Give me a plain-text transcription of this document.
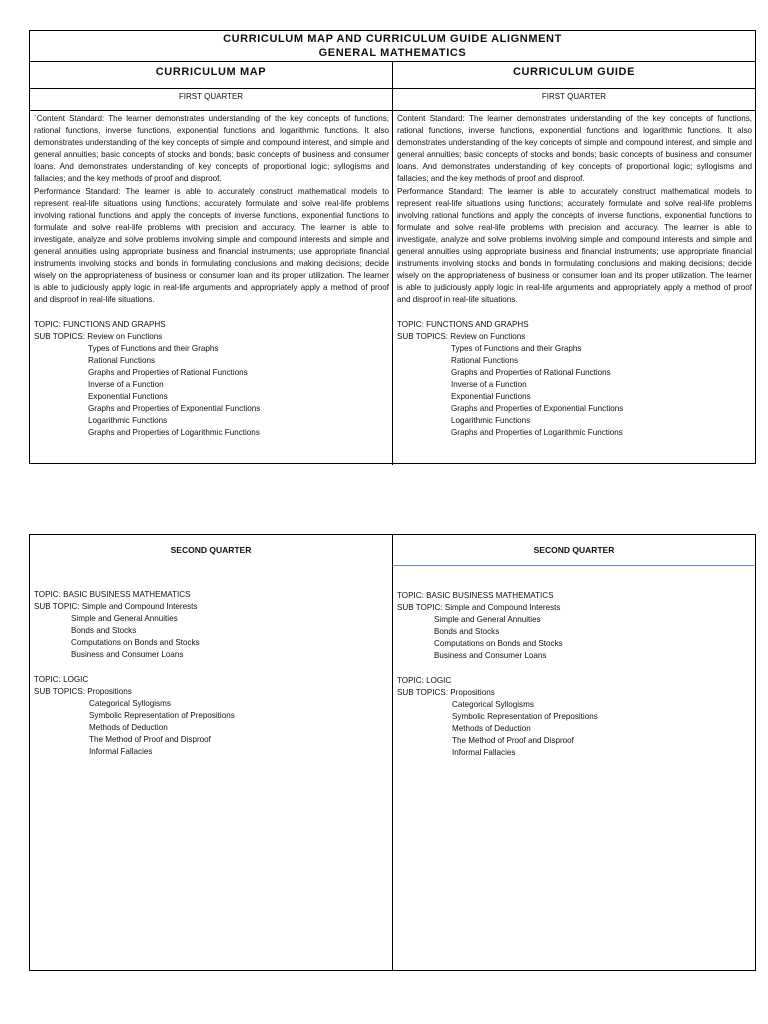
CURRICULUM MAP AND CURRICULUM GUIDE ALIGNMENT
GENERAL MATHEMATICS
CURRICULUM MAP	CURRICULUM GUIDE
FIRST QUARTER	FIRST QUARTER

`Content Standard: The learner demonstrates understanding of the key concepts of functions, rational functions, inverse functions, exponential functions and logarithmic functions. It also demonstrates understanding of the key concepts of simple and compound interest, and simple and general annuities; basic concepts of stocks and bonds; basic concepts of business and consumer loans. And demonstrates understanding of key concepts of proportional logic; syllogisms and fallacies; and the key methods of proof and disproof.

Performance Standard: The learner is able to accurately construct mathematical models to represent real-life situations using functions; accurately formulate and solve real-life problems involving rational functions and apply the concepts of inverse functions, exponential functions to formulate and solve real-life problems with precision and accuracy. The learner is able to investigate, analyze and solve problems involving simple and compound interests and simple and general annuities using appropriate business and financial instruments; use appropriate financial instruments involving stocks and bonds in formulating conclusions and making decisions; decide wisely on the appropriateness of business or consumer loan and its proper utilization. The learner is able to judiciously apply logic in real-life arguments and appropriately apply a method of proof and disproof in real-life situations.

TOPIC: FUNCTIONS AND GRAPHS
SUB TOPICS: Review on Functions
Types of Functions and their Graphs
Rational Functions
Graphs and Properties of Rational Functions
Inverse of a Function
Exponential Functions
Graphs and Properties of Exponential Functions
Logarithmic Functions
Graphs and Properties of Logarithmic Functions

Content Standard: The learner demonstrates understanding of the key concepts of functions, rational functions, inverse functions, exponential functions and logarithmic functions. It also demonstrates understanding of the key concepts of simple and compound interest, and simple and general annuities; basic concepts of stocks and bonds; basic concepts of business and consumer loans. And demonstrates understanding of key concepts of proportional logic; syllogisms and fallacies; and the key methods of proof and disproof.

Performance Standard: The learner is able to accurately construct mathematical models to represent real-life situations using functions; accurately formulate and solve real-life problems involving rational functions and apply the concepts of inverse functions, exponential functions to formulate and solve real-life problems with precision and accuracy. The learner is able to investigate, analyze and solve problems involving simple and compound interests and simple and general annuities using appropriate business and financial instruments; use appropriate financial instruments involving stocks and bonds in formulating conclusions and making decisions; decide wisely on the appropriateness of business or consumer loan and its proper utilization. The learner is able to judiciously apply logic in real-life arguments and appropriately apply a method of proof and disproof in real-life situations.

TOPIC: FUNCTIONS AND GRAPHS
SUB TOPICS: Review on Functions
Types of Functions and their Graphs
Rational Functions
Graphs and Properties of Rational Functions
Inverse of a Function
Exponential Functions
Graphs and Properties of Exponential Functions
Logarithmic Functions
Graphs and Properties of Logarithmic Functions
SECOND QUARTER
TOPIC: BASIC BUSINESS MATHEMATICS
SUB TOPIC: Simple and Compound Interests
Simple and General Annuities
Bonds and Stocks
Computations on Bonds and Stocks
Business and Consumer Loans
TOPIC: LOGIC
SUB TOPICS: Propositions
Categorical Syllogisms
Symbolic Representation of Prepositions
Methods of Deduction
The Method of Proof and Disproof
Informal Fallacies
SECOND QUARTER
TOPIC: BASIC BUSINESS MATHEMATICS
SUB TOPIC: Simple and Compound Interests
Simple and General Annuities
Bonds and Stocks
Computations on Bonds and Stocks
Business and Consumer Loans
TOPIC: LOGIC
SUB TOPICS: Propositions
Categorical Syllogisms
Symbolic Representation of Prepositions
Methods of Deduction
The Method of Proof and Disproof
Informal Fallacies
